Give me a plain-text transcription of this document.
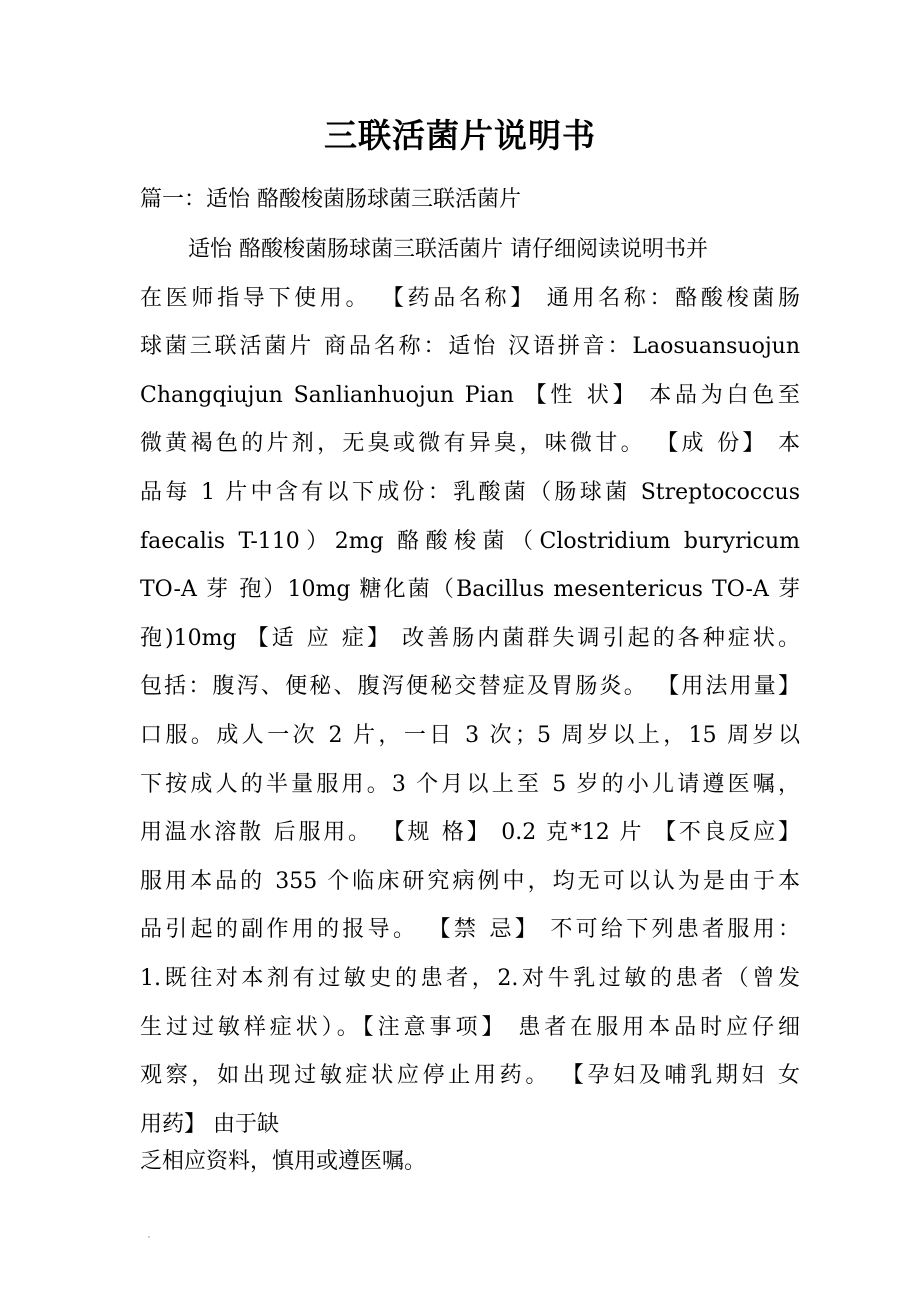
三联活菌片说明书

篇一：适怡 酪酸梭菌肠球菌三联活菌片

适怡 酪酸梭菌肠球菌三联活菌片 请仔细阅读说明书并
在医师指导下使用。 【药品名称】 通用名称：酪酸梭菌肠
球菌三联活菌片 商品名称：适怡 汉语拼音：Laosuansuojun
Changqiujun Sanlianhuojun Pian 【性 状】 本品为白色至
微黄褐色的片剂，无臭或微有异臭，味微甘。 【成 份】 本
品每 1 片中含有以下成份：乳酸菌（肠球菌 Streptococcus
faecalis T-110）2mg 酪酸梭菌（Clostridium buryricum
TO-A 芽 孢）10mg 糖化菌（Bacillus mesentericus TO-A 芽
孢)10mg 【适 应 症】 改善肠内菌群失调引起的各种症状。
包括：腹泻、便秘、腹泻便秘交替症及胃肠炎。 【用法用量】
口服。成人一次 2 片，一日 3 次；5 周岁以上，15 周岁以
下按成人的半量服用。3 个月以上至 5 岁的小儿请遵医嘱，
用温水溶散 后服用。 【规 格】 0.2 克*12 片 【不良反应】
服用本品的 355 个临床研究病例中，均无可以认为是由于本
品引起的副作用的报导。 【禁 忌】 不可给下列患者服用：
1.既往对本剂有过敏史的患者，2.对牛乳过敏的患者（曾发
生过过敏样症状）。【注意事项】 患者在服用本品时应仔细
观察，如出现过敏症状应停止用药。 【孕妇及哺乳期妇 女
用药】 由于缺

乏相应资料，慎用或遵医嘱。
